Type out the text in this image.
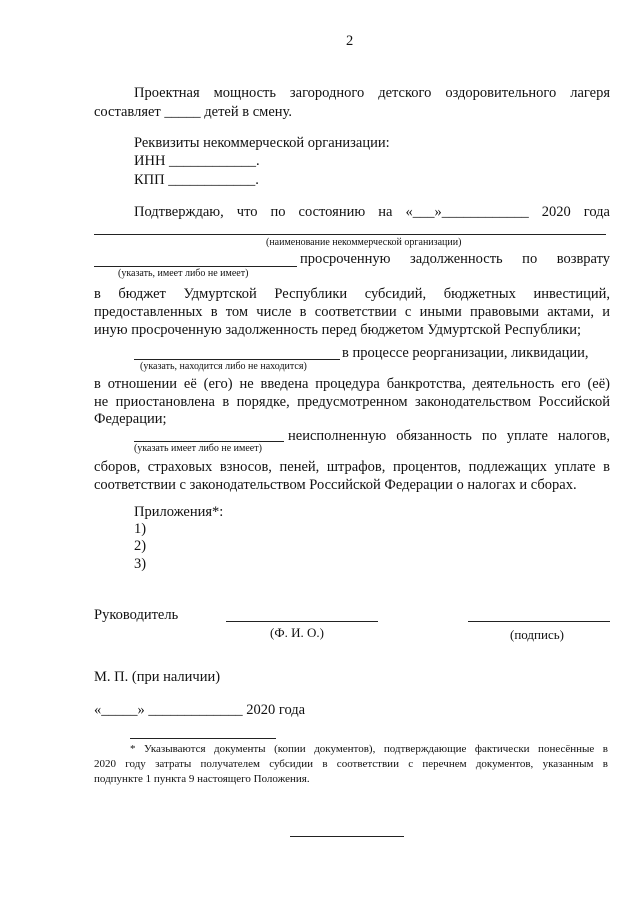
2
Проектная мощность загородного детского оздоровительного лагеря
составляет _____ детей в смену.
Реквизиты некоммерческой организации:
ИНН ____________.
КПП ____________.
Подтверждаю, что по состоянию на «___»____________ 2020 года
(наименование некоммерческой организации)
просроченную задолженность по возврату
(указать, имеет либо не имеет)
в бюджет Удмуртской Республики субсидий, бюджетных инвестиций,
предоставленных в том числе в соответствии с иными правовыми актами, и
иную просроченную задолженность перед бюджетом Удмуртской Республики;
в процессе реорганизации, ликвидации,
(указать, находится либо не находится)
в отношении её (его) не введена процедура банкротства, деятельность его (её)
не приостановлена в порядке, предусмотренном законодательством Российской
Федерации;
неисполненную обязанность по уплате налогов,
(указать имеет либо не имеет)
сборов, страховых взносов, пеней, штрафов, процентов, подлежащих уплате в
соответствии с законодательством Российской Федерации о налогах и сборах.
Приложения*:
1)
2)
3)
Руководитель
(Ф. И. О.)	(подпись)
М. П. (при наличии)
«_____» _____________ 2020 года
* Указываются документы (копии документов), подтверждающие фактически понесённые в
2020 году затраты получателем субсидии в соответствии с перечнем документов, указанным в
подпункте 1 пункта 9 настоящего Положения.
